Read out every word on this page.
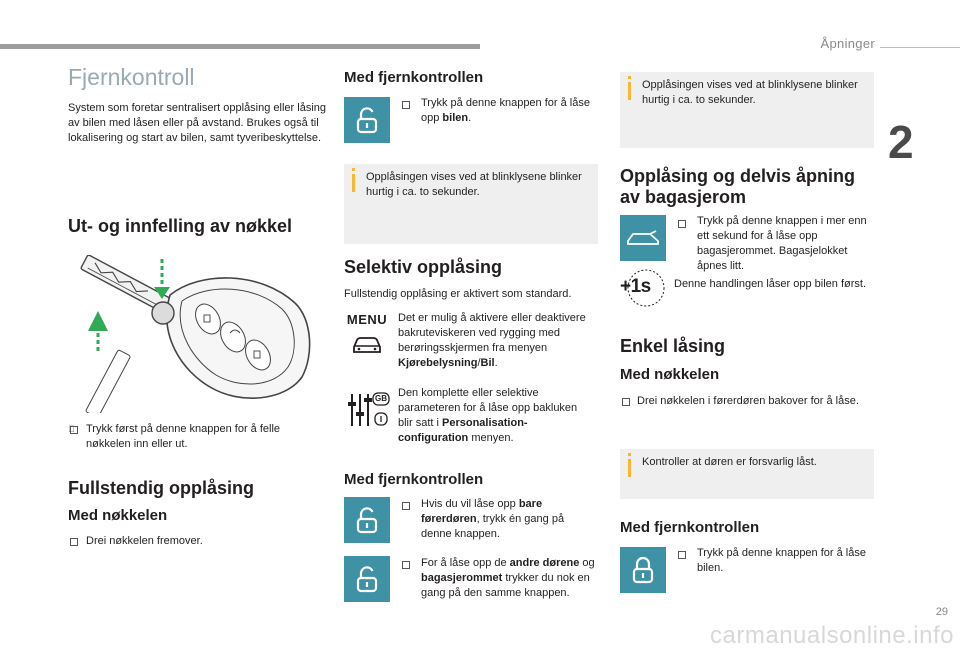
Åpninger
2
29
carmanualsonline.info
Fjernkontroll
System som foretar sentralisert opplåsing eller låsing av bilen med låsen eller på avstand. Brukes også til lokalisering og start av bilen, samt tyveribeskyttelse.
Ut- og innfelling av nøkkel
Trykk først på denne knappen for å felle nøkkelen inn eller ut.
Fullstendig opplåsing
Med nøkkelen
Drei nøkkelen fremover.
Med fjernkontrollen
Trykk på denne knappen for å låse opp bilen.
Opplåsingen vises ved at blinklysene blinker hurtig i ca. to sekunder.
Selektiv opplåsing
Fullstendig opplåsing er aktivert som standard.
MENU Det er mulig å aktivere eller deaktivere bakruteviskeren ved rygging med berøringsskjermen fra menyen Kjørebelysning/Bil.
GB Den komplette eller selektive parameteren for å låse opp bakluken blir satt i Personalisation-configuration menyen.
Med fjernkontrollen
Hvis du vil låse opp bare førerdøren, trykk én gang på denne knappen.
For å låse opp de andre dørene og bagasjerommet trykker du nok en gang på den samme knappen.
Opplåsingen vises ved at blinklysene blinker hurtig i ca. to sekunder.
Opplåsing og delvis åpning av bagasjerom
Trykk på denne knappen i mer enn ett sekund for å låse opp bagasjerommet. Bagasjelokket åpnes litt.
+1s Denne handlingen låser opp bilen først.
Enkel låsing
Med nøkkelen
Drei nøkkelen i førerdøren bakover for å låse.
Kontroller at døren er forsvarlig låst.
Med fjernkontrollen
Trykk på denne knappen for å låse bilen.
